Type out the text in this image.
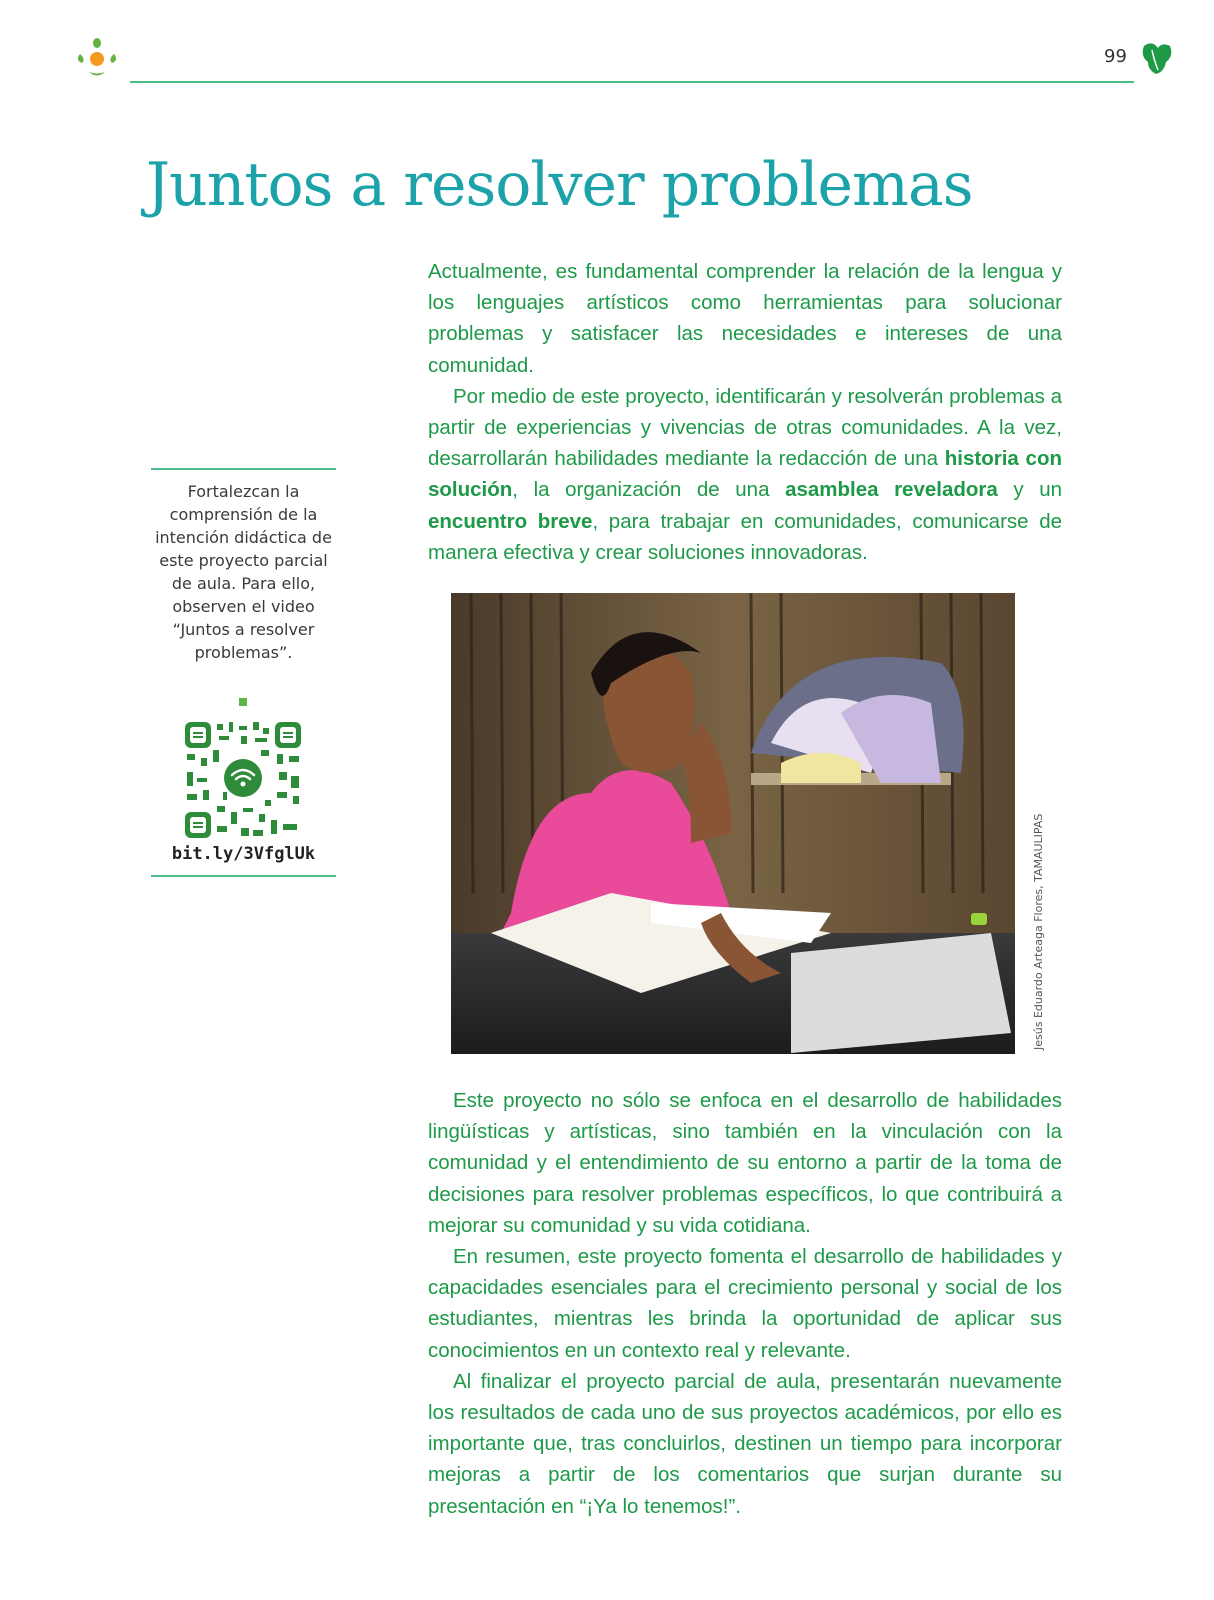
99
Juntos a resolver problemas

Actualmente, es fundamental comprender la relación de la lengua y los lenguajes artísticos como herramientas para solucionar problemas y satisfacer las necesidades e intereses de una comunidad.

Por medio de este proyecto, identificarán y resolverán problemas a partir de experiencias y vivencias de otras comunidades. A la vez, desarrollarán habilidades mediante la redacción de una historia con solución, la organización de una asamblea reveladora y un encuentro breve, para trabajar en comunidades, comunicarse de manera efectiva y crear soluciones innovadoras.

Fortalezcan la comprensión de la intención didáctica de este proyecto parcial de aula. Para ello, observen el video “Juntos a resolver problemas”.
bit.ly/3VfglUk	Jesús Eduardo Arteaga Flores, TAMAULIPAS

Este proyecto no sólo se enfoca en el desarrollo de habilidades lingüísticas y artísticas, sino también en la vinculación con la comunidad y el entendimiento de su entorno a partir de la toma de decisiones para resolver problemas específicos, lo que contribuirá a mejorar su comunidad y su vida cotidiana.

En resumen, este proyecto fomenta el desarrollo de habilidades y capacidades esenciales para el crecimiento personal y social de los estudiantes, mientras les brinda la oportunidad de aplicar sus conocimientos en un contexto real y relevante.

Al finalizar el proyecto parcial de aula, presentarán nuevamente los resultados de cada uno de sus proyectos académicos, por ello es importante que, tras concluirlos, destinen un tiempo para incorporar mejoras a partir de los comentarios que surjan durante su presentación en “¡Ya lo tenemos!”.
